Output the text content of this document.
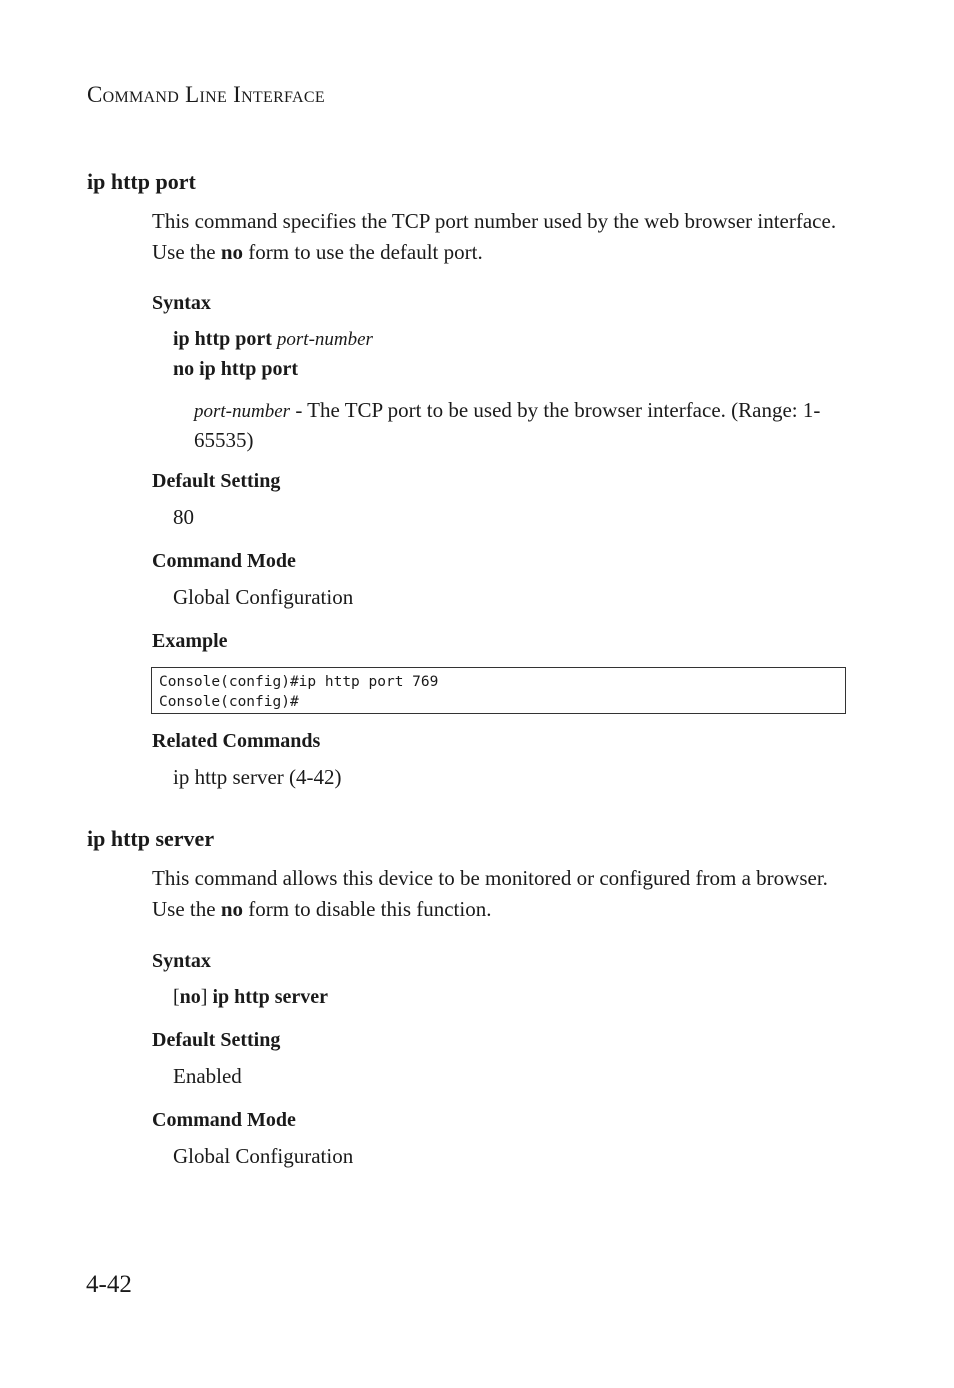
Command Line Interface
ip http port

This command specifies the TCP port number used by the web browser interface. Use the no form to use the default port.

Syntax
ip http port port-number
no ip http port

port-number - The TCP port to be used by the browser interface. (Range: 1-65535)

Default Setting
80
Command Mode
Global Configuration
Example
Console(config)#ip http port 769
Console(config)#
Related Commands
ip http server (4-42)
ip http server

This command allows this device to be monitored or configured from a browser. Use the no form to disable this function.

Syntax
[no] ip http server
Default Setting
Enabled
Command Mode
Global Configuration
4-42
